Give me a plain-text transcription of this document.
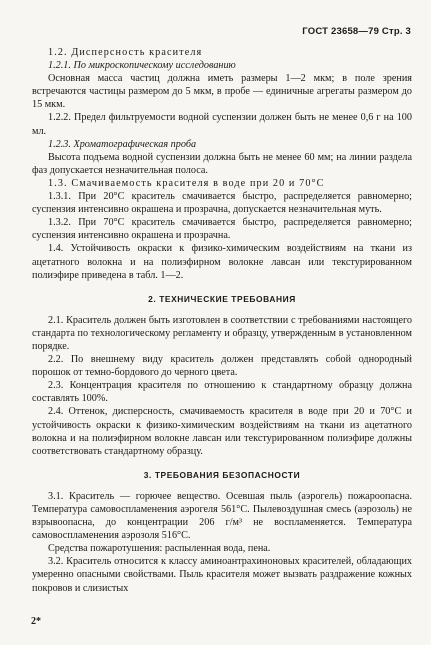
ГОСТ 23658—79 Стр. 3

1.2. Дисперсность красителя

1.2.1. По микроскопическому исследованию

Основная масса частиц должна иметь размеры 1—2 мкм; в поле зрения встречаются частицы размером до 5 мкм, в пробе — единичные агрегаты размером до 15 мкм.

1.2.2. Предел фильтруемости водной суспензии должен быть не менее 0,6 г на 100 мл.

1.2.3. Хроматографическая проба

Высота подъема водной суспензии должна быть не менее 60 мм; на линии раздела фаз допускается незначительная полоса.

1.3. Смачиваемость красителя в воде при 20 и 70°С

1.3.1. При 20°С краситель смачивается быстро, распределяется равномерно; суспензия интенсивно окрашена и прозрачна, допускается незначительная муть.

1.3.2. При 70°С краситель смачивается быстро, распределяется равномерно; суспензия интенсивно окрашена и прозрачна.

1.4. Устойчивость окраски к физико-химическим воздействиям на ткани из ацетатного волокна и на полиэфирном волокне лавсан или текстурированном полиэфире приведена в табл. 1—2.

2. ТЕХНИЧЕСКИЕ ТРЕБОВАНИЯ

2.1. Краситель должен быть изготовлен в соответствии с требованиями настоящего стандарта по технологическому регламенту и образцу, утвержденным в установленном порядке.

2.2. По внешнему виду краситель должен представлять собой однородный порошок от темно-бордового до черного цвета.

2.3. Концентрация красителя по отношению к стандартному образцу должна составлять 100%.

2.4. Оттенок, дисперсность, смачиваемость красителя в воде при 20 и 70°С и устойчивость окраски к физико-химическим воздействиям на ткани из ацетатного волокна и на полиэфирном волокне лавсан или текстурированном полиэфире должны соответствовать стандартному образцу.

3. ТРЕБОВАНИЯ БЕЗОПАСНОСТИ

3.1. Краситель — горючее вещество. Осевшая пыль (аэрогель) пожароопасна. Температура самовоспламенения аэрогеля 561°С. Пылевоздушная смесь (аэрозоль) не взрывоопасна, до концентрации 206 г/м³ не воспламеняется. Температура самовоспламенения аэрозоля 516°С.

Средства пожаротушения: распыленная вода, пена.

3.2. Краситель относится к классу аминоантрахиноновых красителей, обладающих умеренно опасными свойствами. Пыль красителя может вызвать раздражение кожных покровов и слизистых

2*
